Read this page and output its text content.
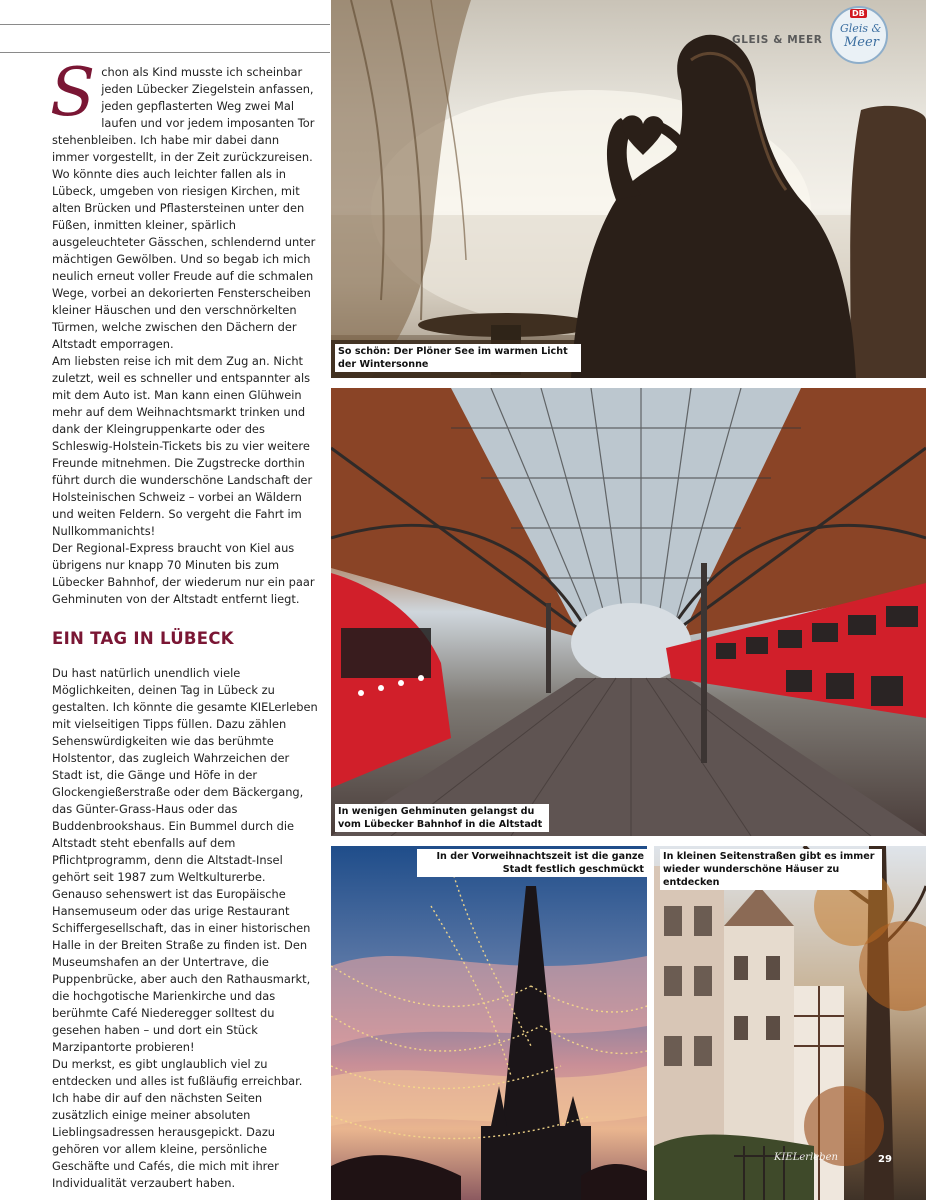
S chon als Kind musste ich scheinbar jeden Lübecker Ziegelstein anfassen, jeden gepflasterten Weg zwei Mal laufen und vor jedem imposanten Tor stehenbleiben. Ich habe mir dabei dann immer vorgestellt, in der Zeit zurückzureisen. Wo könnte dies auch leichter fallen als in Lübeck, umgeben von riesigen Kirchen, mit alten Brücken und Pflastersteinen unter den Füßen, inmitten kleiner, spärlich ausgeleuchteter Gässchen, schlendernd unter mächtigen Gewölben. Und so begab ich mich neulich erneut voller Freude auf die schmalen Wege, vorbei an dekorierten Fensterscheiben kleiner Häuschen und den verschnörkelten Türmen, welche zwischen den Dächern der Altstadt emporragen.

Am liebsten reise ich mit dem Zug an. Nicht zuletzt, weil es schneller und entspannter als mit dem Auto ist. Man kann einen Glühwein mehr auf dem Weihnachtsmarkt trinken und dank der Kleingruppenkarte oder des Schleswig-Holstein-Tickets bis zu vier weitere Freunde mitnehmen. Die Zugstrecke dorthin führt durch die wunderschöne Landschaft der Holsteinischen Schweiz – vorbei an Wäldern und weiten Feldern. So vergeht die Fahrt im Nullkommanichts!

Der Regional-Express braucht von Kiel aus übrigens nur knapp 70 Minuten bis zum Lübecker Bahnhof, der wiederum nur ein paar Gehminuten von der Altstadt entfernt liegt.

EIN TAG IN LÜBECK

Du hast natürlich unendlich viele Möglichkeiten, deinen Tag in Lübeck zu gestalten. Ich könnte die gesamte KIELerleben mit vielseitigen Tipps füllen. Dazu zählen Sehenswürdigkeiten wie das berühmte Holstentor, das zugleich Wahrzeichen der Stadt ist, die Gänge und Höfe in der Glockengießerstraße oder dem Bäckergang, das Günter-Grass-Haus oder das Buddenbrookshaus. Ein Bummel durch die Altstadt steht ebenfalls auf dem Pflichtprogramm, denn die Altstadt-Insel gehört seit 1987 zum Weltkulturerbe. Genauso sehenswert ist das Europäische Hansemuseum oder das urige Restaurant Schiffergesellschaft, das in einer historischen Halle in der Breiten Straße zu finden ist. Den Museumshafen an der Untertrave, die Puppenbrücke, aber auch den Rathausmarkt, die hochgotische Marienkirche und das berühmte Café Niederegger solltest du gesehen haben – und dort ein Stück Marzipantorte probieren!

Du merkst, es gibt unglaublich viel zu entdecken und alles ist fußläufig erreichbar. Ich habe dir auf den nächsten Seiten zusätzlich einige meiner absoluten Lieblingsadressen herausgepickt. Dazu gehören vor allem kleine, persönliche Geschäfte und Cafés, die mich mit ihrer Individualität verzaubert haben.

So schön: Der Plöner See im warmen Licht der Wintersonne
GLEIS & MEER
DB
Gleis &
Meer
In wenigen Gehminuten gelangst du vom Lübecker Bahnhof in die Altstadt
In der Vorweihnachtszeit ist die ganze Stadt festlich geschmückt
In kleinen Seitenstraßen gibt es immer wieder wunderschöne Häuser zu entdecken
KIELerleben	29
